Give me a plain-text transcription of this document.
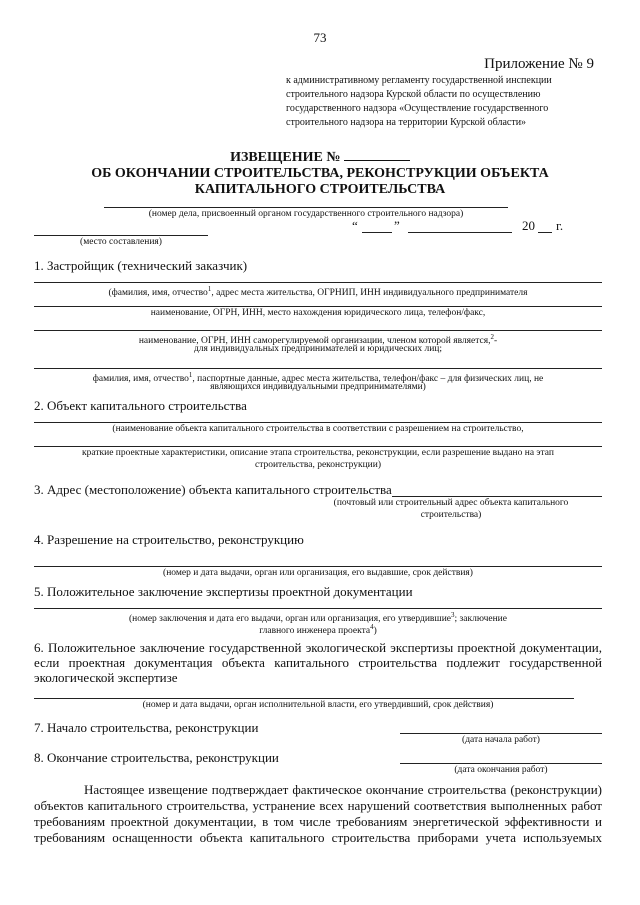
73
Приложение № 9
к административному регламенту государственной инспекции
строительного надзора Курской области по осуществлению
государственного надзора «Осуществление государственного
строительного надзора на территории Курской области»
ИЗВЕЩЕНИЕ №
ОБ ОКОНЧАНИИ СТРОИТЕЛЬСТВА, РЕКОНСТРУКЦИИ ОБЪЕКТА
КАПИТАЛЬНОГО СТРОИТЕЛЬСТВА
(номер дела, присвоенный органом государственного строительного надзора)
“	”	20 г.
(место составления)
1. Застройщик (технический заказчик)
(фамилия, имя, отчество$^1$, адрес места жительства, ОГРНИП, ИНН индивидуального предпринимателя
наименование, ОГРН, ИНН, место нахождения юридического лица, телефон/факс,
наименование, ОГРН, ИНН саморегулируемой организации, членом которой является,$^2$-
для индивидуальных предпринимателей и юридических лиц;
фамилия, имя, отчество$^1$, паспортные данные, адрес места жительства, телефон/факс – для физических лиц, не
являющихся индивидуальными предпринимателями)
2. Объект капитального строительства
(наименование объекта капитального строительства в соответствии с разрешением на строительство,
краткие проектные характеристики, описание этапа строительства, реконструкции, если разрешение выдано на этап
строительства, реконструкции)
3. Адрес (местоположение) объекта капитального строительства
(почтовый или строительный адрес объекта капитального
строительства)
4. Разрешение на строительство, реконструкцию
(номер и дата выдачи, орган или организация, его выдавшие, срок действия)
5. Положительное заключение экспертизы проектной документации
(номер заключения и дата его выдачи, орган или организация, его утвердившие$^3$; заключение
главного инженера проекта$^4$)
6. Положительное заключение государственной экологической экспертизы проектной документации,
если проектная документация объекта капитального строительства подлежит государственной
экологической экспертизе
(номер и дата выдачи, орган исполнительной власти, его утвердивший, срок действия)
7. Начало строительства, реконструкции
(дата начала работ)
8. Окончание строительства, реконструкции
(дата окончания работ)
Настоящее извещение подтверждает фактическое окончание строительства (реконструкции)
объектов капитального строительства, устранение всех нарушений соответствия выполненных работ
требованиям проектной документации, в том числе требованиям энергетической эффективности и
требованиям оснащенности объекта капитального строительства приборами учета используемых
